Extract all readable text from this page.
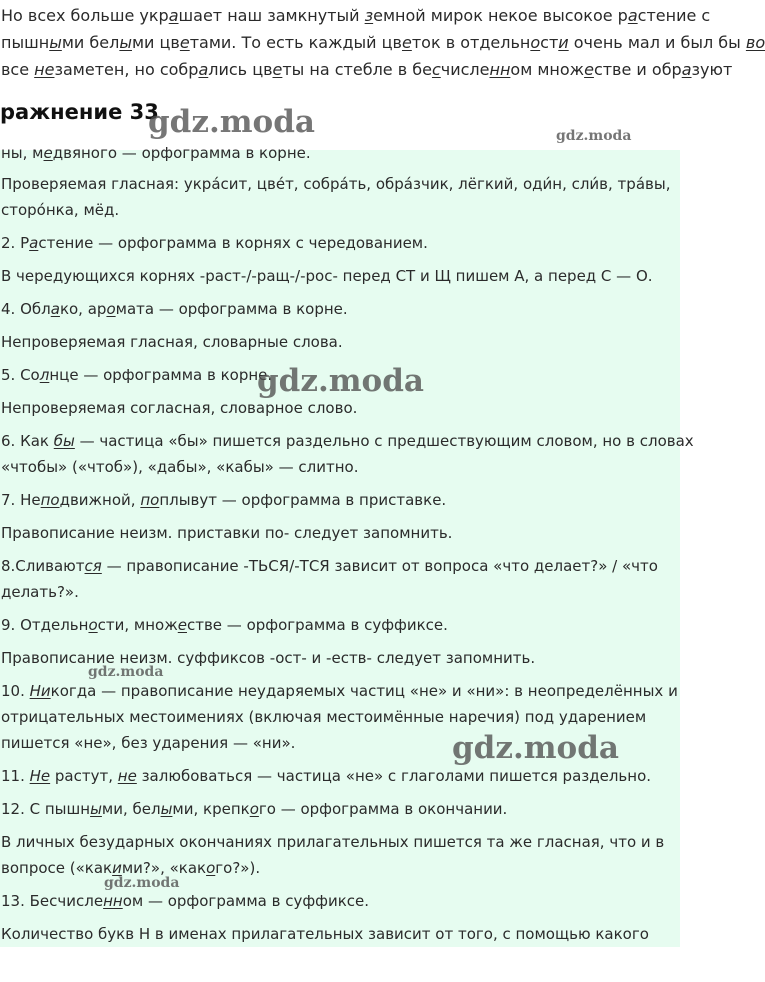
Но всех больше украшает наш замкнутый земной мирок некое высокое растение с
пышными белыми цветами. То есть каждый цветок в отдельности очень мал и был бы во
все незаметен, но собрались цветы на стебле в бесчисленном множестве и образуют
ражнение 33
ны, медвяного — орфограмма в корне.
Проверяемая гласная: укра́сит, цве́т, собра́ть, обра́зчик, лёгкий, оди́н, сли́в, тра́вы,
сторо́нка, мёд.
2. Растение — орфограмма в корнях с чередованием.
В чередующихся корнях -раст-/-ращ-/-рос- перед СТ и Щ пишем А, а перед С — О.
4. Облако, аромата — орфограмма в корне.
Непроверяемая гласная, словарные слова.
5. Солнце — орфограмма в корне.
Непроверяемая согласная, словарное слово.
6. Как бы — частица «бы» пишется раздельно с предшествующим словом, но в словах
«чтобы» («чтоб»), «дабы», «кабы» — слитно.
7. Неподвижной, поплывут — орфограмма в приставке.
Правописание неизм. приставки по- следует запомнить.
8.Сливаются — правописание -ТЬСЯ/-ТСЯ зависит от вопроса «что делает?» / «что
делать?».
9. Отдельности, множестве — орфограмма в суффиксе.
Правописание неизм. суффиксов -ост- и -еств- следует запомнить.
10. Никогда — правописание неударяемых частиц «не» и «ни»: в неопределённых и
отрицательных местоимениях (включая местоимённые наречия) под ударением
пишется «не», без ударения — «ни».
11. Не растут, не залюбоваться — частица «не» с глаголами пишется раздельно.
12. С пышными, белыми, крепкого — орфограмма в окончании.
В личных безударных окончаниях прилагательных пишется та же гласная, что и в
вопросе («какими?», «какого?»).
13. Бесчисленном — орфограмма в суффиксе.
Количество букв Н в именах прилагательных зависит от того, с помощью какого
gdz.moda	gdz.moda
gdz.moda
gdz.moda
gdz.moda
gdz.moda
